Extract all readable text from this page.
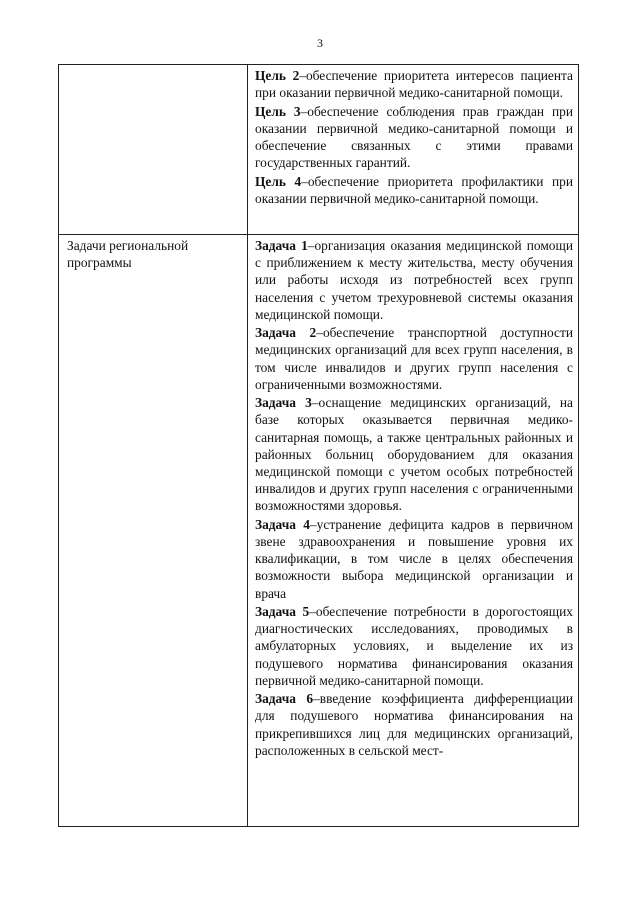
3

Цель 2–обеспечение приоритета интересов пациента при оказании первичной медико-санитарной помощи.

Цель 3–обеспечение соблюдения прав граждан при оказании первичной медико-санитарной помощи и обеспечение связанных с этими правами государственных гарантий.

Цель 4–обеспечение приоритета профилактики при оказании первичной медико-санитарной помощи.

Задачи региональной программы

Задача 1–организация оказания медицинской помощи с приближением к месту жительства, месту обучения или работы исходя из потребностей всех групп населения с учетом трехуровневой системы оказания медицинской помощи.

Задача 2–обеспечение транспортной доступности медицинских организаций для всех групп населения, в том числе инвалидов и других групп населения с ограниченными возможностями.

Задача 3–оснащение медицинских организаций, на базе которых оказывается первичная медико-санитарная помощь, а также центральных районных и районных больниц оборудованием для оказания медицинской помощи с учетом особых потребностей инвалидов и других групп населения с ограниченными возможностями здоровья.

Задача 4–устранение дефицита кадров в первичном звене здравоохранения и повышение уровня их квалификации, в том числе в целях обеспечения возможности выбора медицинской организации и врача

Задача 5–обеспечение потребности в дорогостоящих диагностических исследованиях, проводимых в амбулаторных условиях, и выделение их из подушевого норматива финансирования оказания первичной медико-санитарной помощи.

Задача 6–введение коэффициента дифференциации для подушевого норматива финансирования на прикрепившихся лиц для медицинских организаций, расположенных в сельской мест-
